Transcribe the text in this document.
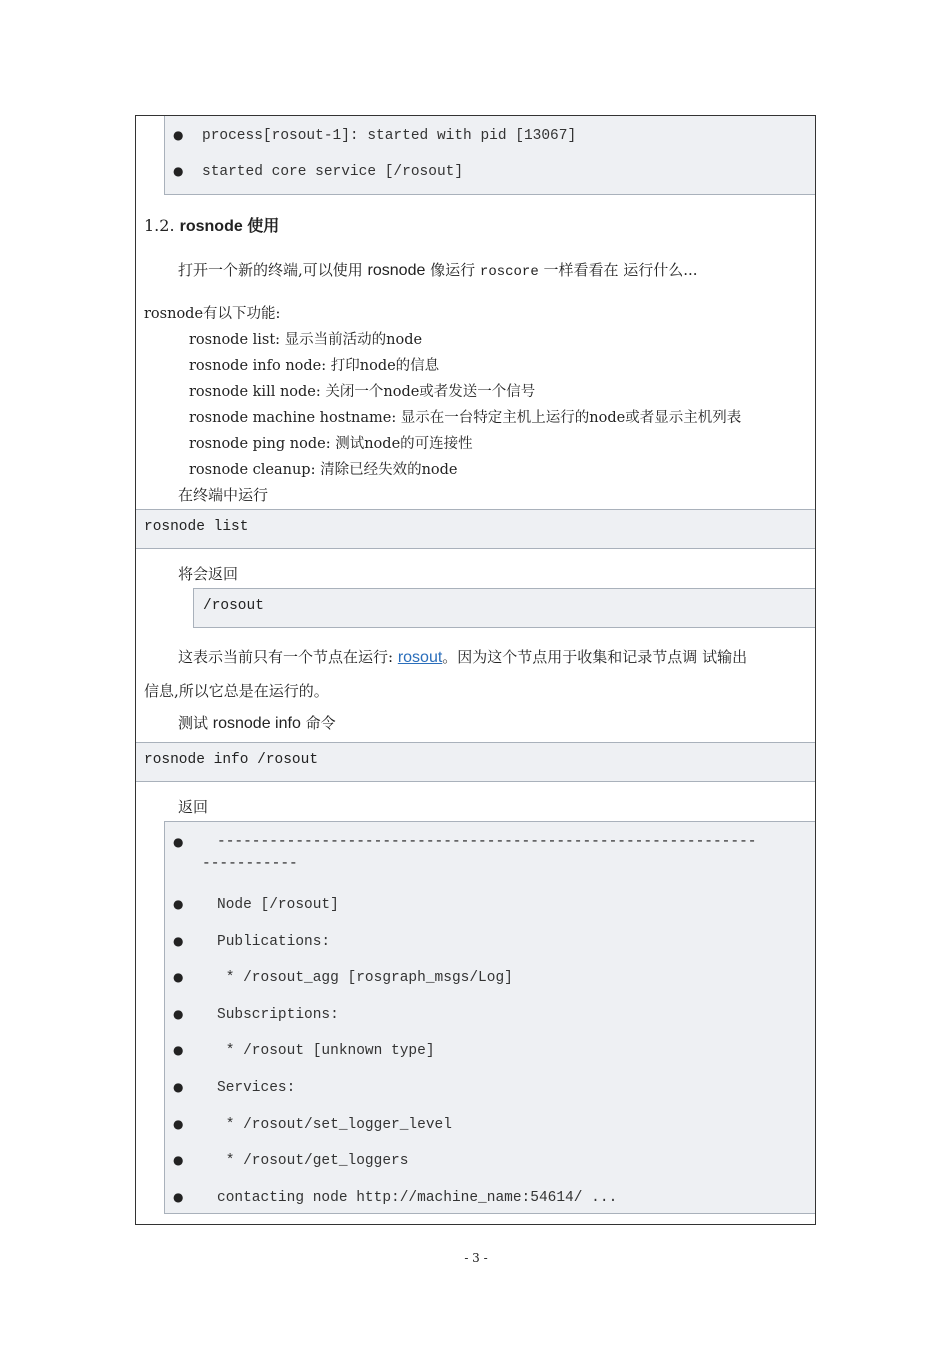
● process[rosout-1]: started with pid [13067]
● started core service [/rosout]
1.2. rosnode 使用
打开一个新的终端,可以使用 rosnode 像运行 roscore 一样看看在 运行什么...
rosnode有以下功能:
rosnode list: 显示当前活动的node
rosnode info node: 打印node的信息
rosnode kill node: 关闭一个node或者发送一个信号
rosnode machine hostname: 显示在一台特定主机上运行的node或者显示主机列表
rosnode ping node: 测试node的可连接性
rosnode cleanup: 清除已经失效的node
在终端中运行
rosnode list
将会返回
/rosout
这表示当前只有一个节点在运行: rosout。因为这个节点用于收集和记录节点调 试输出
信息,所以它总是在运行的。
测试 rosnode info 命令
rosnode info /rosout
返回
● --------------------------------------------------------------
-----------
● Node [/rosout]
● Publications:
● * /rosout_agg [rosgraph_msgs/Log]
● Subscriptions:
● * /rosout [unknown type]
● Services:
● * /rosout/set_logger_level
● * /rosout/get_loggers
● contacting node http://machine_name:54614/ ...
- 3 -
